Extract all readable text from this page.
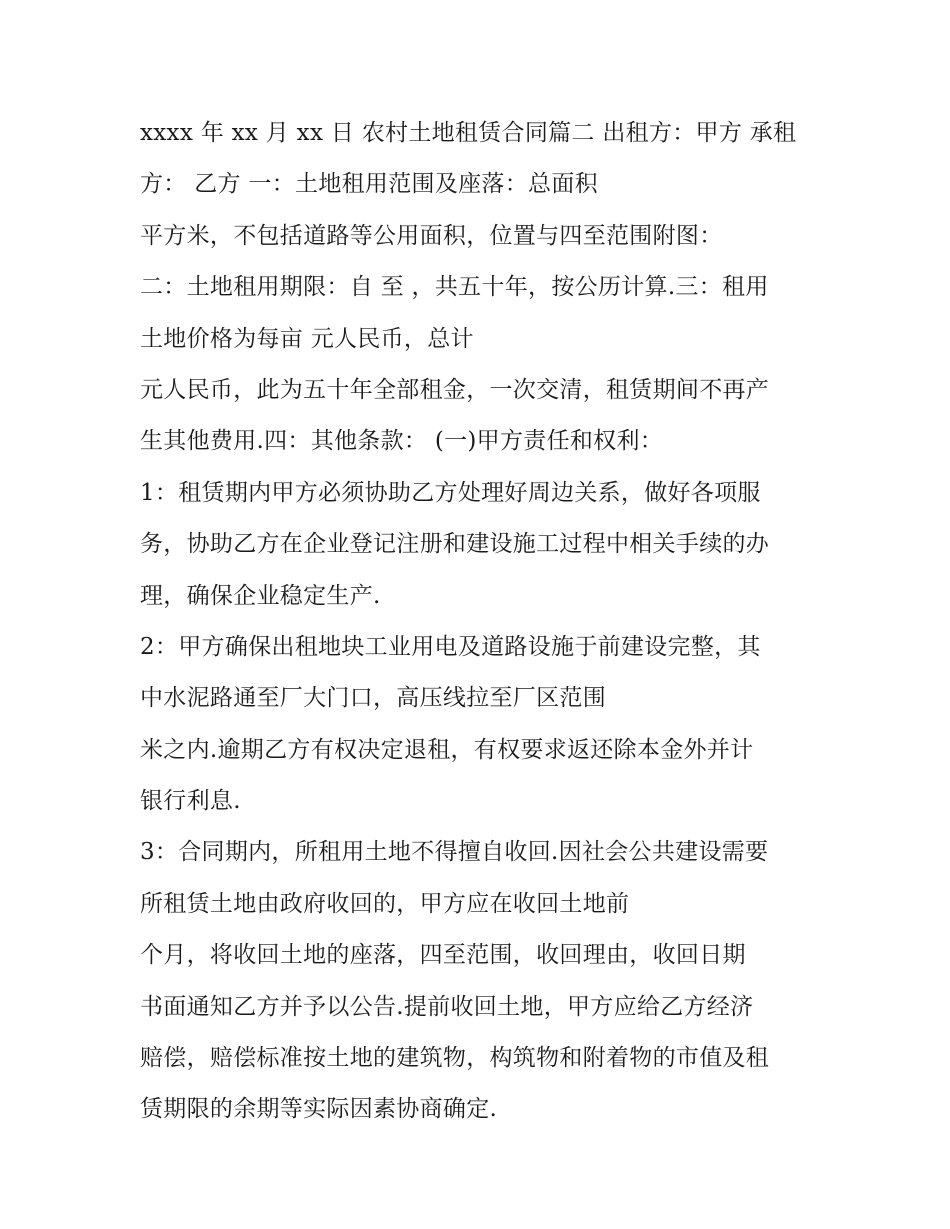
xxxx 年 xx 月 xx 日 农村土地租赁合同篇二 出租方：甲方 承租
方： 乙方 一：土地租用范围及座落：总面积
平方米，不包括道路等公用面积，位置与四至范围附图：
二：土地租用期限：自 至 ，共五十年，按公历计算.三：租用
土地价格为每亩 元人民币，总计
元人民币，此为五十年全部租金，一次交清，租赁期间不再产
生其他费用.四：其他条款： (一)甲方责任和权利：
1：租赁期内甲方必须协助乙方处理好周边关系，做好各项服
务，协助乙方在企业登记注册和建设施工过程中相关手续的办
理，确保企业稳定生产.
2：甲方确保出租地块工业用电及道路设施于前建设完整，其
中水泥路通至厂大门口，高压线拉至厂区范围
米之内.逾期乙方有权决定退租，有权要求返还除本金外并计
银行利息.
3：合同期内，所租用土地不得擅自收回.因社会公共建设需要
所租赁土地由政府收回的，甲方应在收回土地前
个月，将收回土地的座落，四至范围，收回理由，收回日期
书面通知乙方并予以公告.提前收回土地，甲方应给乙方经济
赔偿，赔偿标准按土地的建筑物，构筑物和附着物的市值及租
赁期限的余期等实际因素协商确定.
